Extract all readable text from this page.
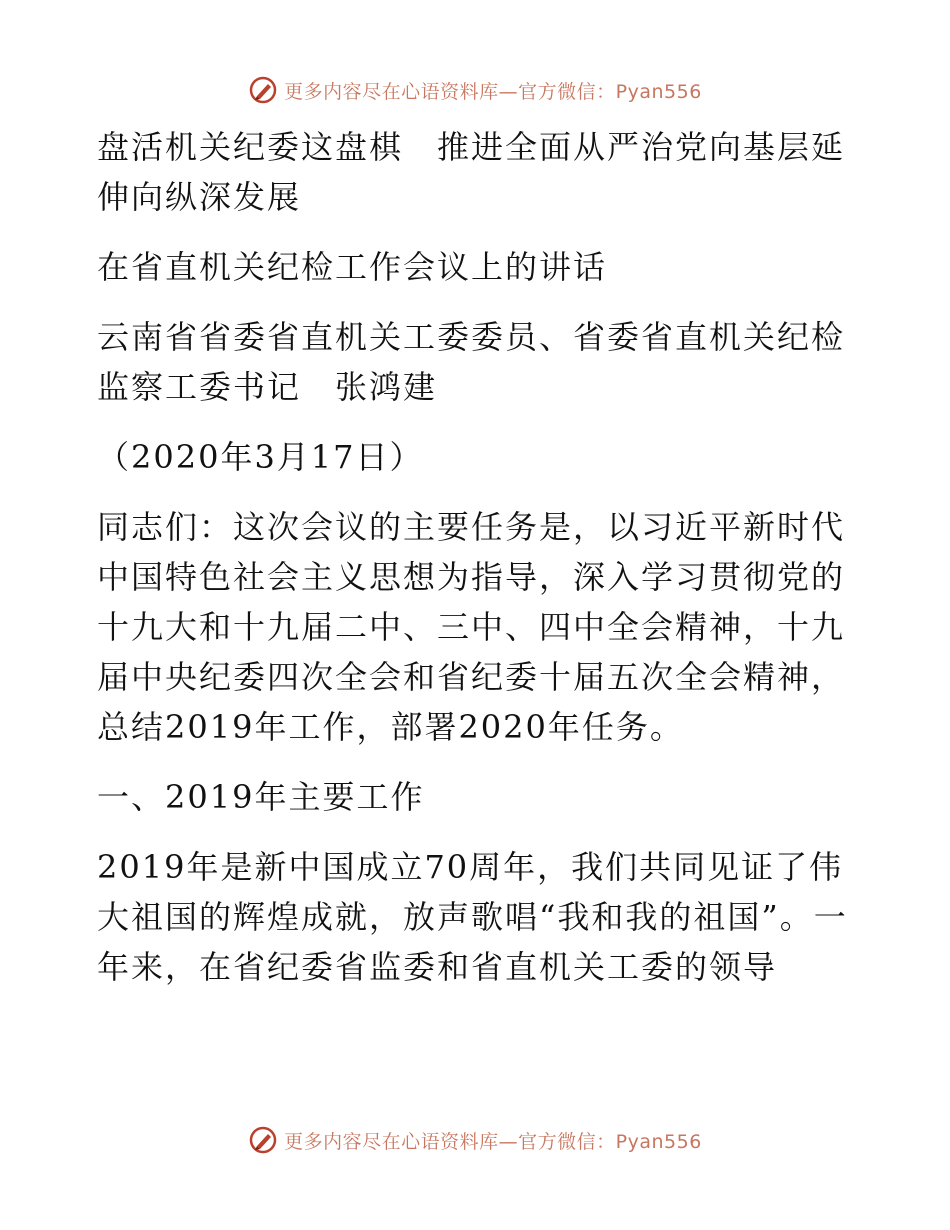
更多内容尽在心语资料库—官方微信：Pyan556

盘活机关纪委这盘棋　推进全面从严治党向基层延伸向纵深发展

在省直机关纪检工作会议上的讲话

云南省省委省直机关工委委员、省委省直机关纪检监察工委书记　张鸿建

（2020年3月17日）

同志们：这次会议的主要任务是，以习近平新时代中国特色社会主义思想为指导，深入学习贯彻党的十九大和十九届二中、三中、四中全会精神，十九届中央纪委四次全会和省纪委十届五次全会精神，总结2019年工作，部署2020年任务。

一、2019年主要工作

2019年是新中国成立70周年，我们共同见证了伟大祖国的辉煌成就，放声歌唱“我和我的祖国”。一年来，在省纪委省监委和省直机关工委的领导

更多内容尽在心语资料库—官方微信：Pyan556
